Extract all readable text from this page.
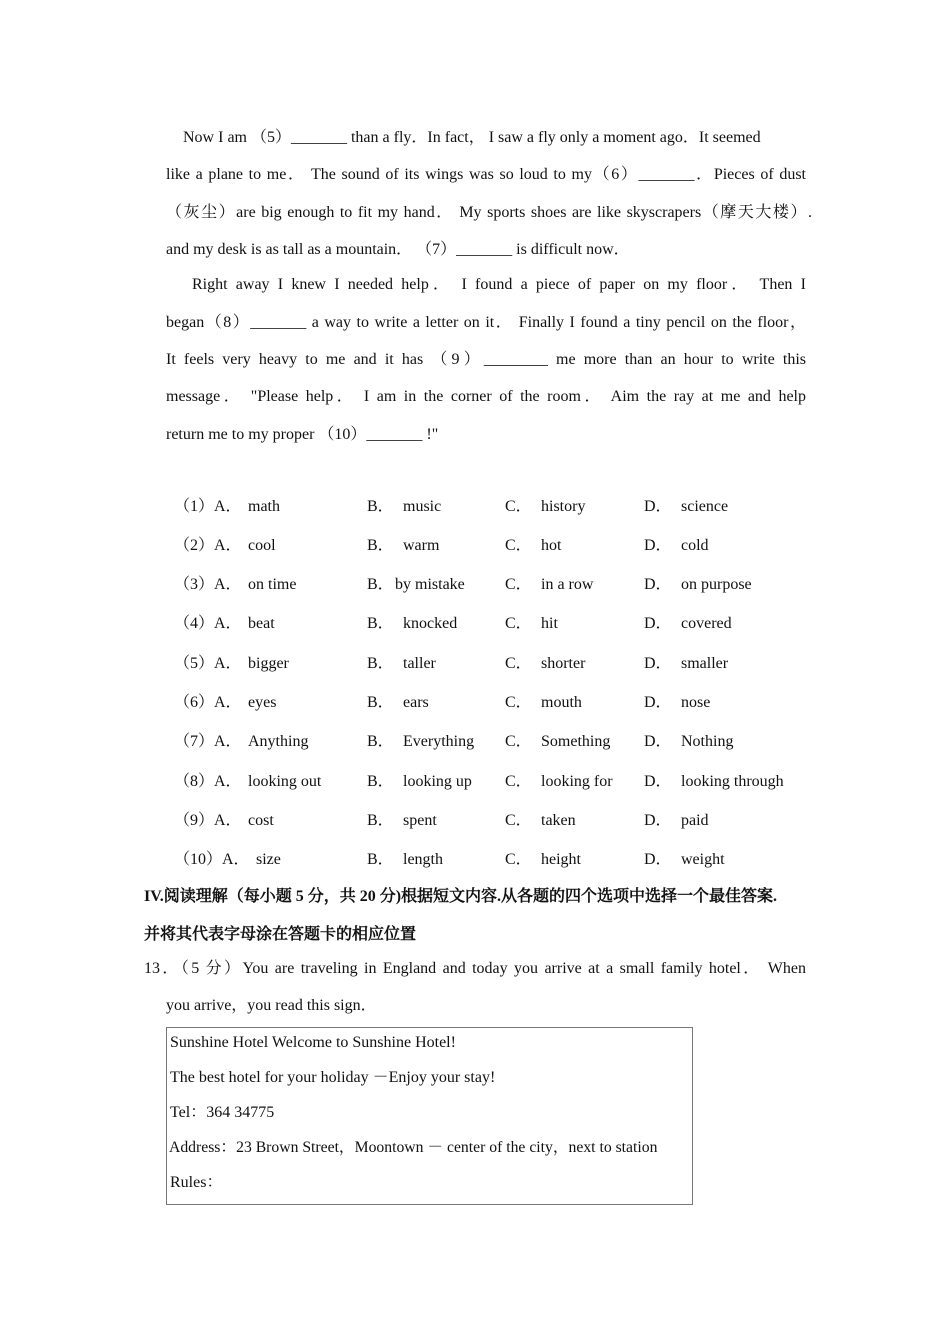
Now I am （5）_______ than a fly．In fact， I saw a fly only a moment ago．It seemed
like a plane to me． The sound of its wings was so loud to my（6）_______．Pieces of dust
（灰尘）are big enough to fit my hand． My sports shoes are like skyscrapers（摩天大楼）.
and my desk is as tall as a mountain． （7）_______ is difficult now．
Right away I knew I needed help． I found a piece of paper on my floor． Then I
began（8）_______ a way to write a letter on it． Finally I found a tiny pencil on the floor，
It feels very heavy to me and it has （9）________ me more than an hour to write this
message． "Please help． I am in the corner of the room． Aim the ray at me and help
return me to my proper （10）_______ !"
（1）A． math	B． music	C． history	D． science
（2）A． cool	B． warm	C． hot	D． cold
（3）A． on time	B． by mistake	C． in a row	D． on purpose
（4）A． beat	B． knocked	C． hit	D． covered
（5）A． bigger	B． taller	C． shorter	D． smaller
（6）A． eyes	B． ears	C． mouth	D． nose
（7）A． Anything	B． Everything C． Something D． Nothing
（8）A． looking out	B． looking up C． looking for D． looking through
（9）A． cost	B． spent	C． taken	D． paid
（10）A． size	B． length	C． height	D． weight
IV.阅读理解（每小题 5 分，共 20 分)根据短文内容.从各题的四个选项中选择一个最佳答案.
并将其代表字母涂在答题卡的相应位置
13．（5 分）You are traveling in England and today you arrive at a small family hotel． When
you arrive，you read this sign．
Sunshine Hotel Welcome to Sunshine Hotel!
The best hotel for your holiday －Enjoy your stay!
Tel：364 34775
Address：23 Brown Street，Moontown － center of the city，next to station
Rules：
